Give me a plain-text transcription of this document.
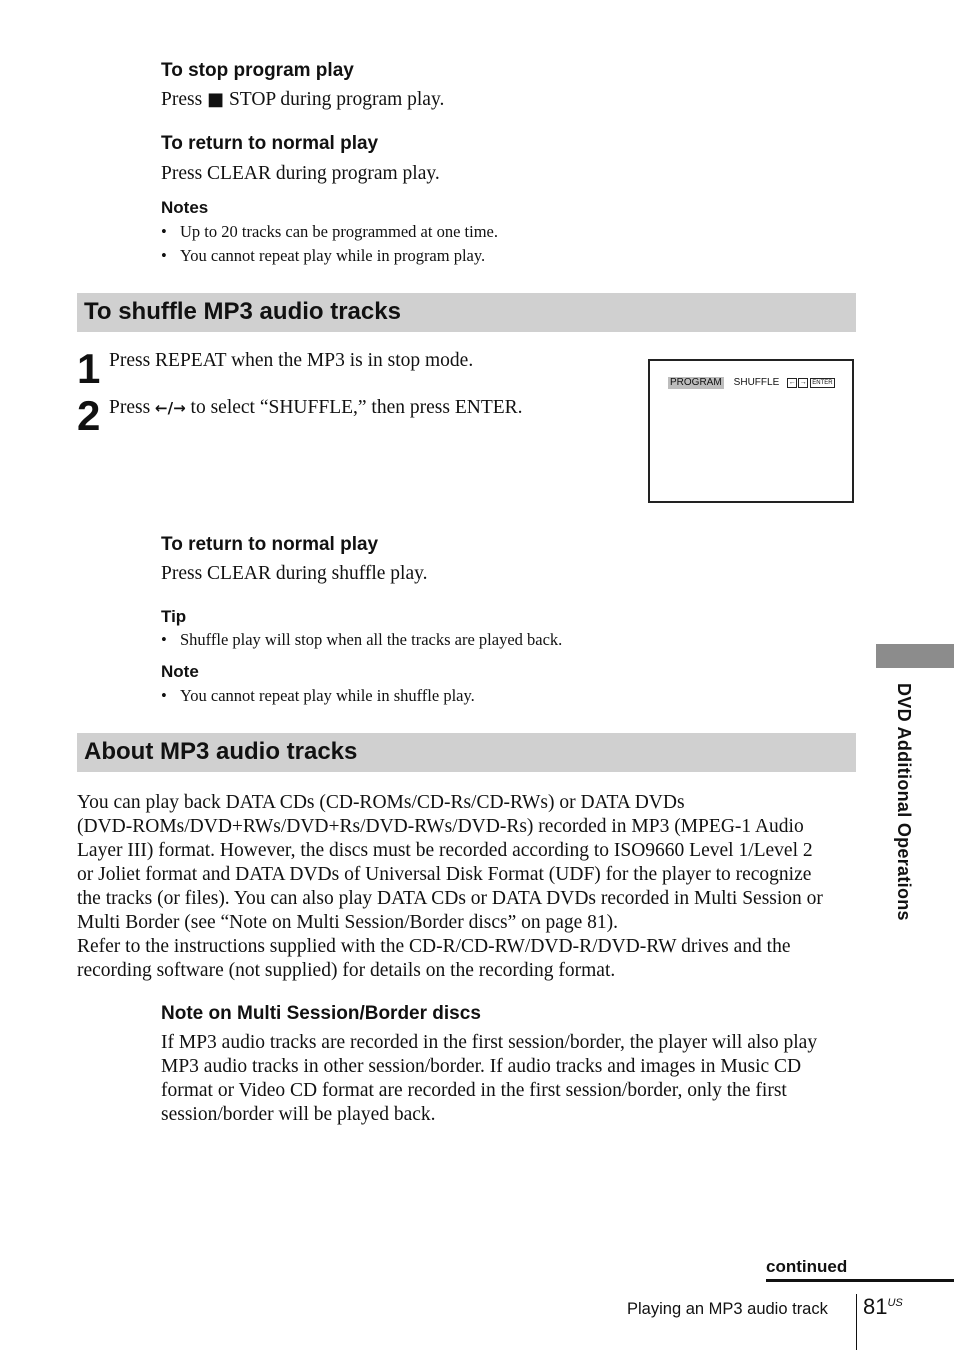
To stop program play
Press ■ STOP during program play.
To return to normal play
Press CLEAR during program play.
Notes
• Up to 20 tracks can be programmed at one time.
• You cannot repeat play while in program play.
To shuffle MP3 audio tracks
1 Press REPEAT when the MP3 is in stop mode.
2 Press ←/→ to select “SHUFFLE,” then press ENTER.
PROGRAM SHUFFLE ← → ENTER
To return to normal play
Press CLEAR during shuffle play.
Tip
• Shuffle play will stop when all the tracks are played back.
Note
• You cannot repeat play while in shuffle play.
About MP3 audio tracks
You can play back DATA CDs (CD-ROMs/CD-Rs/CD-RWs) or DATA DVDs
(DVD-ROMs/DVD+RWs/DVD+Rs/DVD-RWs/DVD-Rs) recorded in MP3 (MPEG-1 Audio
Layer III) format. However, the discs must be recorded according to ISO9660 Level 1/Level 2
or Joliet format and DATA DVDs of Universal Disk Format (UDF) for the player to recognize
the tracks (or files). You can also play DATA CDs or DATA DVDs recorded in Multi Session or
Multi Border (see “Note on Multi Session/Border discs” on page 81).
Refer to the instructions supplied with the CD-R/CD-RW/DVD-R/DVD-RW drives and the
recording software (not supplied) for details on the recording format.
Note on Multi Session/Border discs
If MP3 audio tracks are recorded in the first session/border, the player will also play
MP3 audio tracks in other session/border. If audio tracks and images in Music CD
format or Video CD format are recorded in the first session/border, only the first
session/border will be played back.
DVD Additional Operations
continued
Playing an MP3 audio track $81^{US}$
